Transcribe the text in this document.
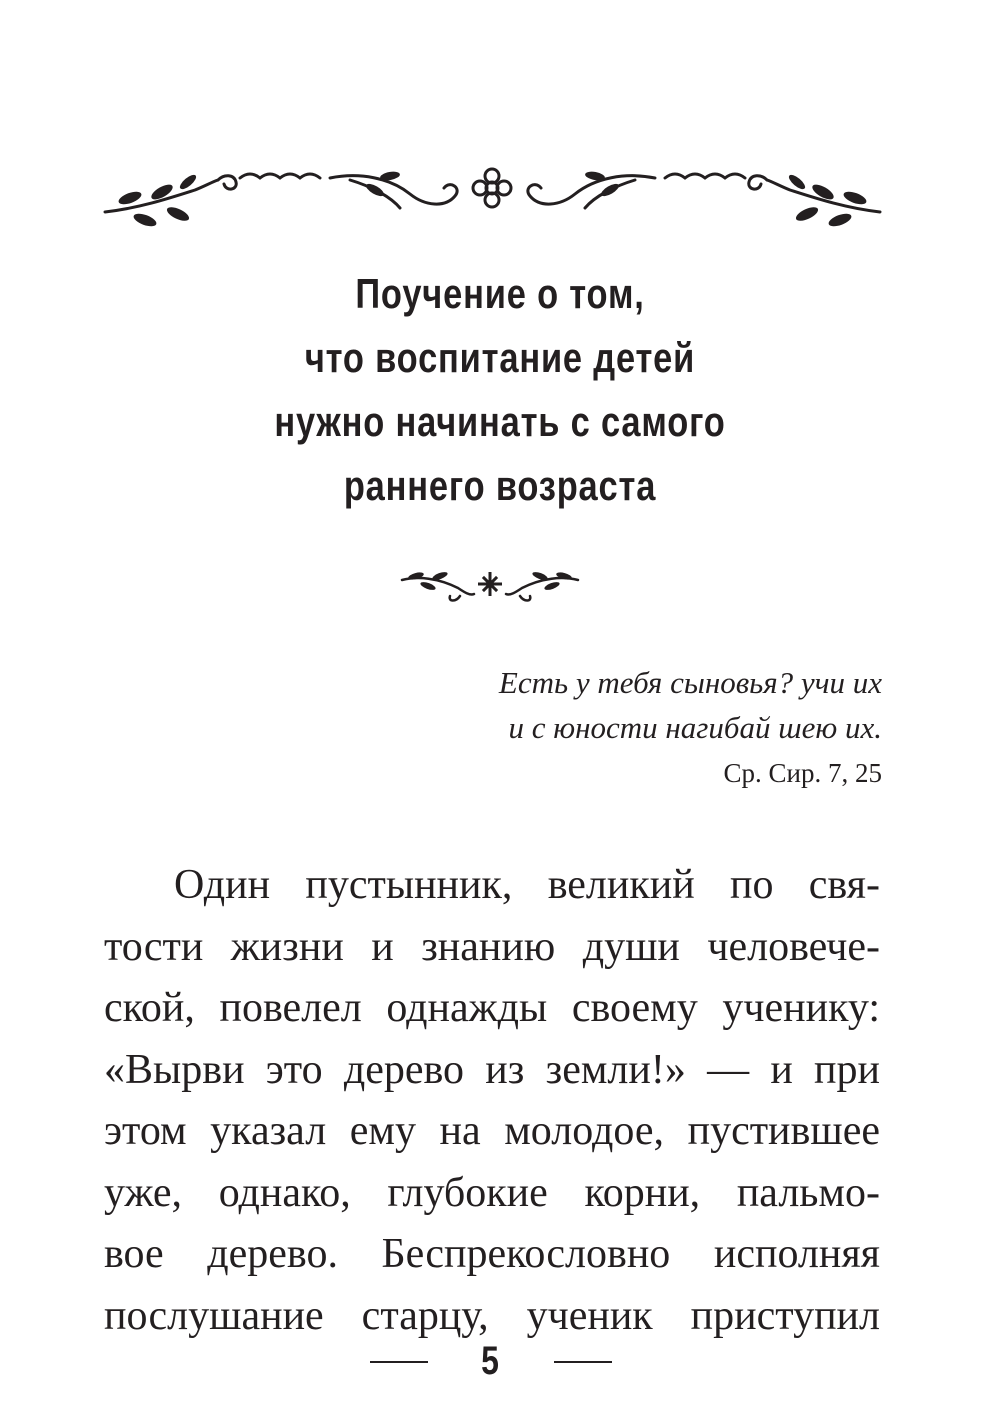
Поучение о том,
что воспитание детей
нужно начинать с самого
раннего возраста
Есть у тебя сыновья? учи их
и с юности нагибай шею их.
Ср. Сир. 7, 25
Один пустынник, великий по свя-
тости жизни и знанию души человече-
ской, повелел однажды своему ученику:
«Вырви это дерево из земли!» — и при
этом указал ему на молодое, пустившее
уже, однако, глубокие корни, пальмо-
вое дерево. Беспрекословно исполняя
послушание старцу, ученик приступил
5
